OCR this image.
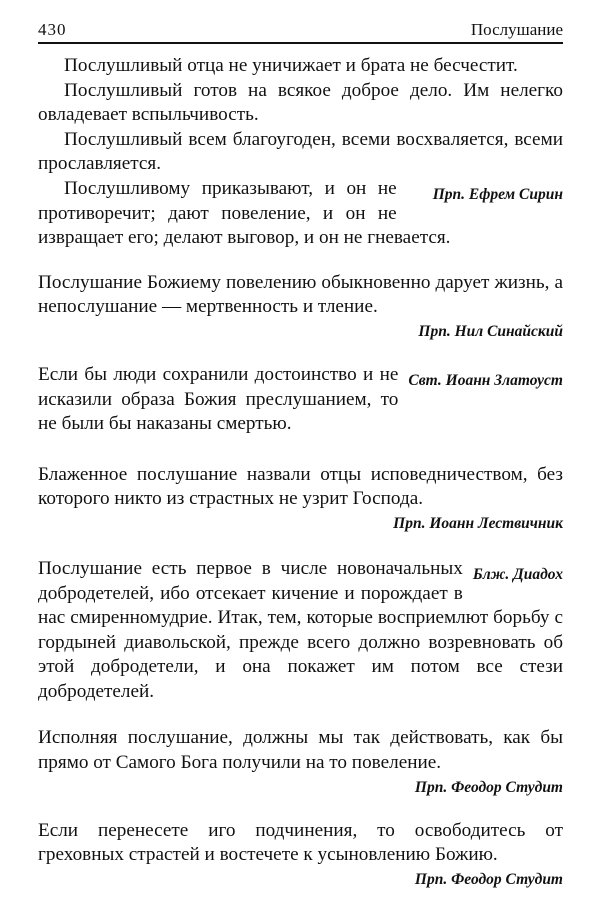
430	Послушание

Послушливый отца не уничижает и брата не бесчестит.

Послушливый готов на всякое доброе дело. Им нелегко овладевает вспыльчивость.

Послушливый всем благоугоден, всеми восхваляется, всеми прославляется.

Прп. Ефрем Сирин
Послушливому приказывают, и он не противоречит; дают повеление, и он не извращает его; делают выговор, и он не гневается.

Послушание Божиему повелению обыкновенно дарует жизнь, а непослушание — мертвенность и тление.

Прп. Нил Синайский

Свт. Иоанн Златоуст
Если бы люди сохранили достоинство и не исказили образа Божия преслушанием, то не были бы наказаны смертью.

Блаженное послушание назвали отцы исповедничеством, без которого никто из страстных не узрит Господа.

Прп. Иоанн Лествичник

Блж. Диадох
Послушание есть первое в числе новоначальных добродетелей, ибо отсекает кичение и порождает в нас смиренномудрие. Итак, тем, которые восприемлют борьбу с гордыней диавольской, прежде всего должно возревновать об этой добродетели, и она покажет им потом все стези добродетелей.

Исполняя послушание, должны мы так действовать, как бы прямо от Самого Бога получили на то повеление.

Прп. Феодор Студит

Если перенесете иго подчинения, то освободитесь от греховных страстей и востечете к усыновлению Божию.

Прп. Феодор Студит
